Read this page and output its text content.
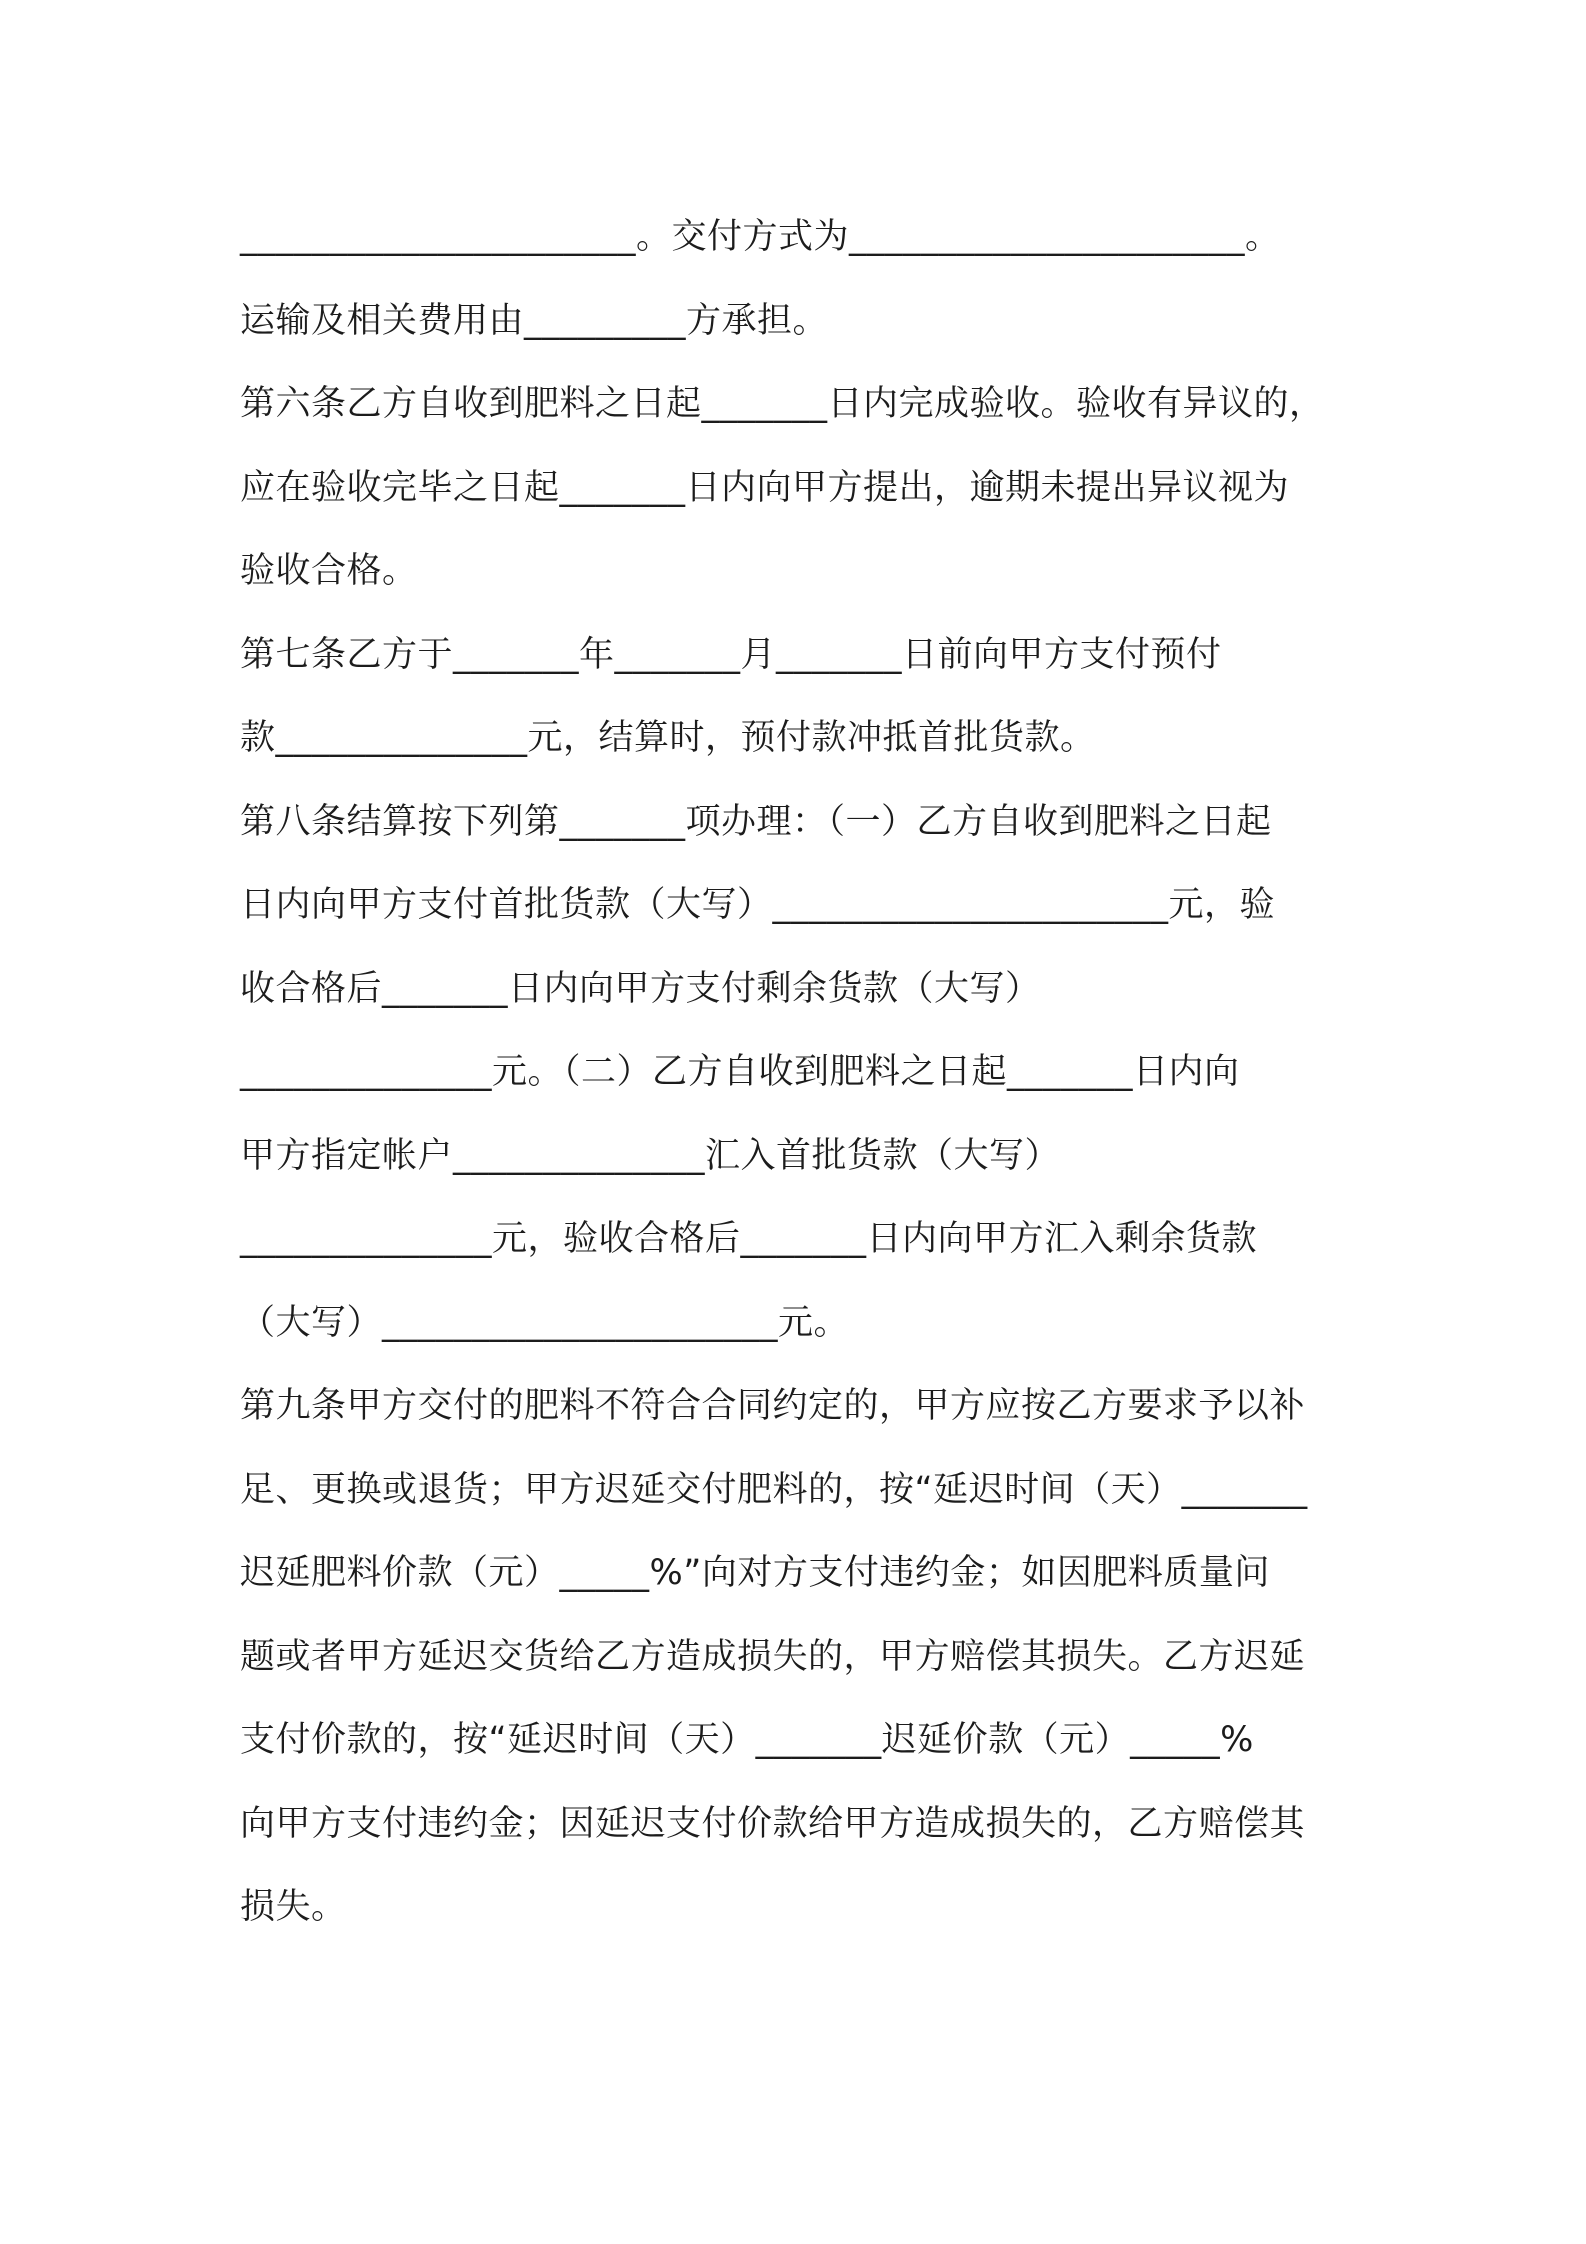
______________________。交付方式为______________________。
运输及相关费用由_________方承担。
第六条乙方自收到肥料之日起_______日内完成验收。验收有异议的，
应在验收完毕之日起_______日内向甲方提出，逾期未提出异议视为
验收合格。
第七条乙方于_______年_______月_______日前向甲方支付预付
款______________元，结算时，预付款冲抵首批货款。
第八条结算按下列第_______项办理：（一）乙方自收到肥料之日起
日内向甲方支付首批货款（大写）______________________元，验
收合格后_______日内向甲方支付剩余货款（大写）
______________元。（二）乙方自收到肥料之日起_______日内向
甲方指定帐户______________汇入首批货款（大写）
______________元，验收合格后_______日内向甲方汇入剩余货款
（大写）______________________元。
第九条甲方交付的肥料不符合合同约定的，甲方应按乙方要求予以补
足、更换或退货；甲方迟延交付肥料的，按“延迟时间（天）_______
迟延肥料价款（元）_____%”向对方支付违约金；如因肥料质量问
题或者甲方延迟交货给乙方造成损失的，甲方赔偿其损失。乙方迟延
支付价款的，按“延迟时间（天）_______迟延价款（元）_____%
向甲方支付违约金；因延迟支付价款给甲方造成损失的，乙方赔偿其
损失。
